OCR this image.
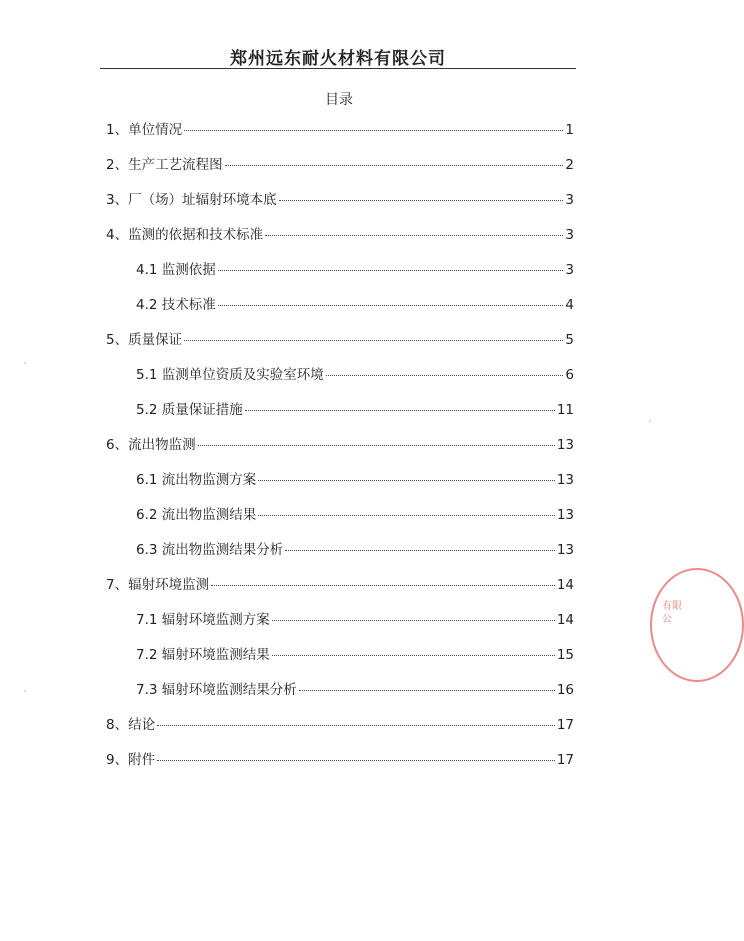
郑州远东耐火材料有限公司
目录
1、单位情况	1
2、生产工艺流程图	2
3、厂（场）址辐射环境本底	3
4、监测的依据和技术标准	3
4.1 监测依据	3
4.2 技术标准	4
5、质量保证	5
5.1 监测单位资质及实验室环境	6
5.2 质量保证措施	11
6、流出物监测	13
6.1 流出物监测方案	13
6.2 流出物监测结果	13
6.3 流出物监测结果分析	13
7、辐射环境监测	14
7.1 辐射环境监测方案	14
7.2 辐射环境监测结果	15
7.3 辐射环境监测结果分析	16
8、结论	17
9、附件	17
有限公
